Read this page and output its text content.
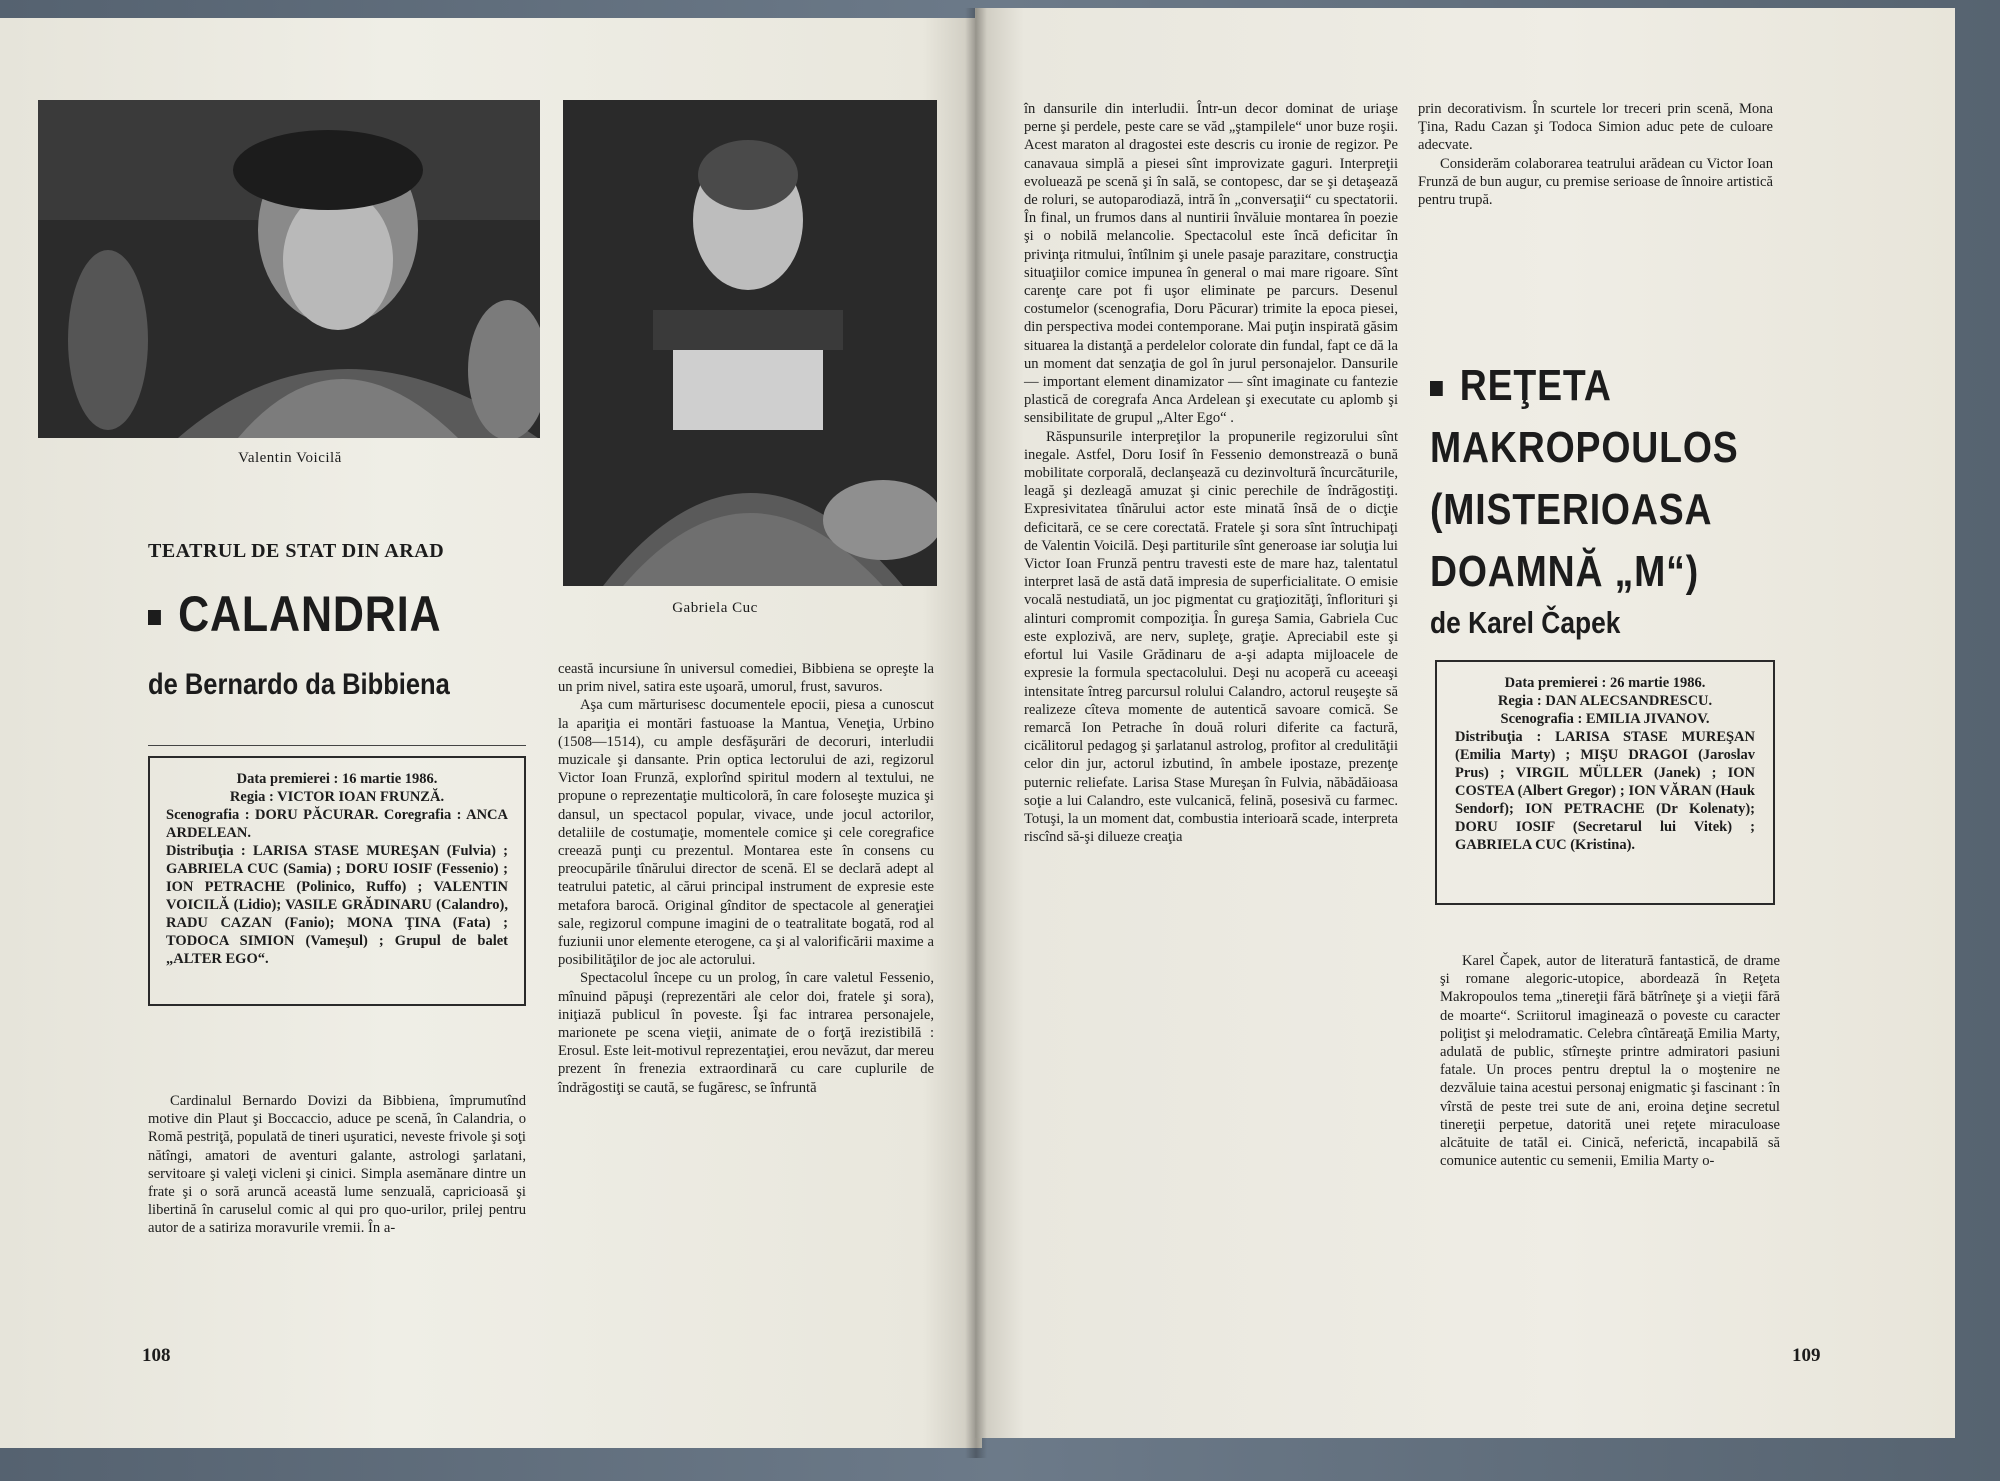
Valentin Voicilă
Gabriela Cuc
TEATRUL DE STAT DIN ARAD
CALANDRIA
de Bernardo da Bibbiena

Data premierei : 16 martie 1986.

Regia : VICTOR IOAN FRUNZĂ.

Scenografia : DORU PĂCURAR. Coregrafia : ANCA ARDELEAN.

Distribuţia : LARISA STASE MUREŞAN (Fulvia) ; GABRIELA CUC (Samia) ; DORU IOSIF (Fessenio) ; ION PETRACHE (Polinico, Ruffo) ; VALENTIN VOICILĂ (Lidio); VASILE GRĂDINARU (Calandro), RADU CAZAN (Fanio); MONA ŢINA (Fata) ; TODOCA SIMION (Vameşul) ; Grupul de balet „ALTER EGO“.

Cardinalul Bernardo Dovizi da Bibbiena, împrumutînd motive din Plaut şi Boccaccio, aduce pe scenă, în Calandria, o Romă pestriţă, populată de tineri uşuratici, neveste frivole şi soţi nătîngi, amatori de aventuri galante, astrologi şarlatani, servitoare şi valeţi vicleni şi cinici. Simpla asemănare dintre un frate şi o soră aruncă această lume senzuală, capricioasă şi libertină în caruselul comic al qui pro quo-urilor, prilej pentru autor de a satiriza moravurile vremii. În a-

ceastă incursiune în universul comediei, Bibbiena se opreşte la un prim nivel, satira este uşoară, umorul, frust, savuros.

Aşa cum mărturisesc documentele epocii, piesa a cunoscut la apariţia ei montări fastuoase la Mantua, Veneţia, Urbino (1508—1514), cu ample desfăşurări de decoruri, interludii muzicale şi dansante. Prin optica lectorului de azi, regizorul Victor Ioan Frunză, explorînd spiritul modern al textului, ne propune o reprezentaţie multicoloră, în care foloseşte muzica şi dansul, un spectacol popular, vivace, unde jocul actorilor, detaliile de costumaţie, momentele comice şi cele coregrafice creează punţi cu prezentul. Montarea este în consens cu preocupările tînărului director de scenă. El se declară adept al teatrului patetic, al cărui principal instrument de expresie este metafora barocă. Original gînditor de spectacole al generaţiei sale, regizorul compune imagini de o teatralitate bogată, rod al fuziunii unor elemente eterogene, ca şi al valorificării maxime a posibilităţilor de joc ale actorului.

Spectacolul începe cu un prolog, în care valetul Fessenio, mînuind păpuşi (reprezentări ale celor doi, fratele şi sora), iniţiază publicul în poveste. Îşi fac intrarea personajele, marionete pe scena vieţii, animate de o forţă irezistibilă : Erosul. Este leit-motivul reprezentaţiei, erou nevăzut, dar mereu prezent în frenezia extraordinară cu care cuplurile de îndrăgostiţi se caută, se fugăresc, se înfruntă

108

în dansurile din interludii. Într-un decor dominat de uriaşe perne şi perdele, peste care se văd „ştampilele“ unor buze roşii. Acest maraton al dragostei este descris cu ironie de regizor. Pe canavaua simplă a piesei sînt improvizate gaguri. Interpreţii evoluează pe scenă şi în sală, se contopesc, dar se şi detaşează de roluri, se autoparodiază, intră în „conversaţii“ cu spectatorii. În final, un frumos dans al nuntirii învăluie montarea în poezie şi o nobilă melancolie. Spectacolul este încă deficitar în privinţa ritmului, întîlnim şi unele pasaje parazitare, construcţia situaţiilor comice impunea în general o mai mare rigoare. Sînt carenţe care pot fi uşor eliminate pe parcurs. Desenul costumelor (scenografia, Doru Păcurar) trimite la epoca piesei, din perspectiva modei contemporane. Mai puţin inspirată găsim situarea la distanţă a perdelelor colorate din fundal, fapt ce dă la un moment dat senzaţia de gol în jurul personajelor. Dansurile — important element dinamizator — sînt imaginate cu fantezie plastică de coregrafa Anca Ardelean şi executate cu aplomb şi sensibilitate de grupul „Alter Ego“ .

Răspunsurile interpreţilor la propunerile regizorului sînt inegale. Astfel, Doru Iosif în Fessenio demonstrează o bună mobilitate corporală, declanşează cu dezinvoltură încurcăturile, leagă şi dezleagă amuzat şi cinic perechile de îndrăgostiţi. Expresivitatea tînărului actor este minată însă de o dicţie deficitară, ce se cere corectată. Fratele şi sora sînt întruchipaţi de Valentin Voicilă. Deşi partiturile sînt generoase iar soluţia lui Victor Ioan Frunză pentru travesti este de mare haz, talentatul interpret lasă de astă dată impresia de superficialitate. O emisie vocală nestudiată, un joc pigmentat cu graţiozităţi, înflorituri şi alinturi compromit compoziţia. În gureşa Samia, Gabriela Cuc este explozivă, are nerv, supleţe, graţie. Apreciabil este şi efortul lui Vasile Grădinaru de a-şi adapta mijloacele de expresie la formula spectacolului. Deşi nu acoperă cu aceeaşi intensitate întreg parcursul rolului Calandro, actorul reuşeşte să realizeze cîteva momente de autentică savoare comică. Se remarcă Ion Petrache în două roluri diferite ca factură, cicălitorul pedagog şi şarlatanul astrolog, profitor al credulităţii celor din jur, actorul izbutind, în ambele ipostaze, prezenţe puternic reliefate. Larisa Stase Mureşan în Fulvia, năbădăioasa soţie a lui Calandro, este vulcanică, felină, posesivă cu farmec. Totuşi, la un moment dat, combustia interioară scade, interpreta riscînd să-şi dilueze creaţia

prin decorativism. În scurtele lor treceri prin scenă, Mona Ţina, Radu Cazan şi Todoca Simion aduc pete de culoare adecvate.

Considerăm colaborarea teatrului arădean cu Victor Ioan Frunză de bun augur, cu premise serioase de înnoire artistică pentru trupă.

REŢETA
MAKROPOULOS
(MISTERIOASA
DOAMNĂ „M“)
de Karel Čapek

Data premierei : 26 martie 1986.

Regia : DAN ALECSANDRESCU.

Scenografia : EMILIA JIVANOV.

Distribuţia : LARISA STASE MUREŞAN (Emilia Marty) ; MIŞU DRAGOI (Jaroslav Prus) ; VIRGIL MÜLLER (Janek) ; ION COSTEA (Albert Gregor) ; ION VĂRAN (Hauk Sendorf); ION PETRACHE (Dr Kolenaty); DORU IOSIF (Secretarul lui Vitek) ; GABRIELA CUC (Kristina).

Karel Čapek, autor de literatură fantastică, de drame şi romane alegoric-utopice, abordează în Reţeta Makropoulos tema „tinereţii fără bătrîneţe şi a vieţii fără de moarte“. Scriitorul imaginează o poveste cu caracter poliţist şi melodramatic. Celebra cîntăreaţă Emilia Marty, adulată de public, stîrneşte printre admiratori pasiuni fatale. Un proces pentru dreptul la o moştenire ne dezvăluie taina acestui personaj enigmatic şi fascinant : în vîrstă de peste trei sute de ani, eroina deţine secretul tinereţii perpetue, datorită unei reţete miraculoase alcătuite de tatăl ei. Cinică, neferictă, incapabilă să comunice autentic cu semenii, Emilia Marty o-

109
